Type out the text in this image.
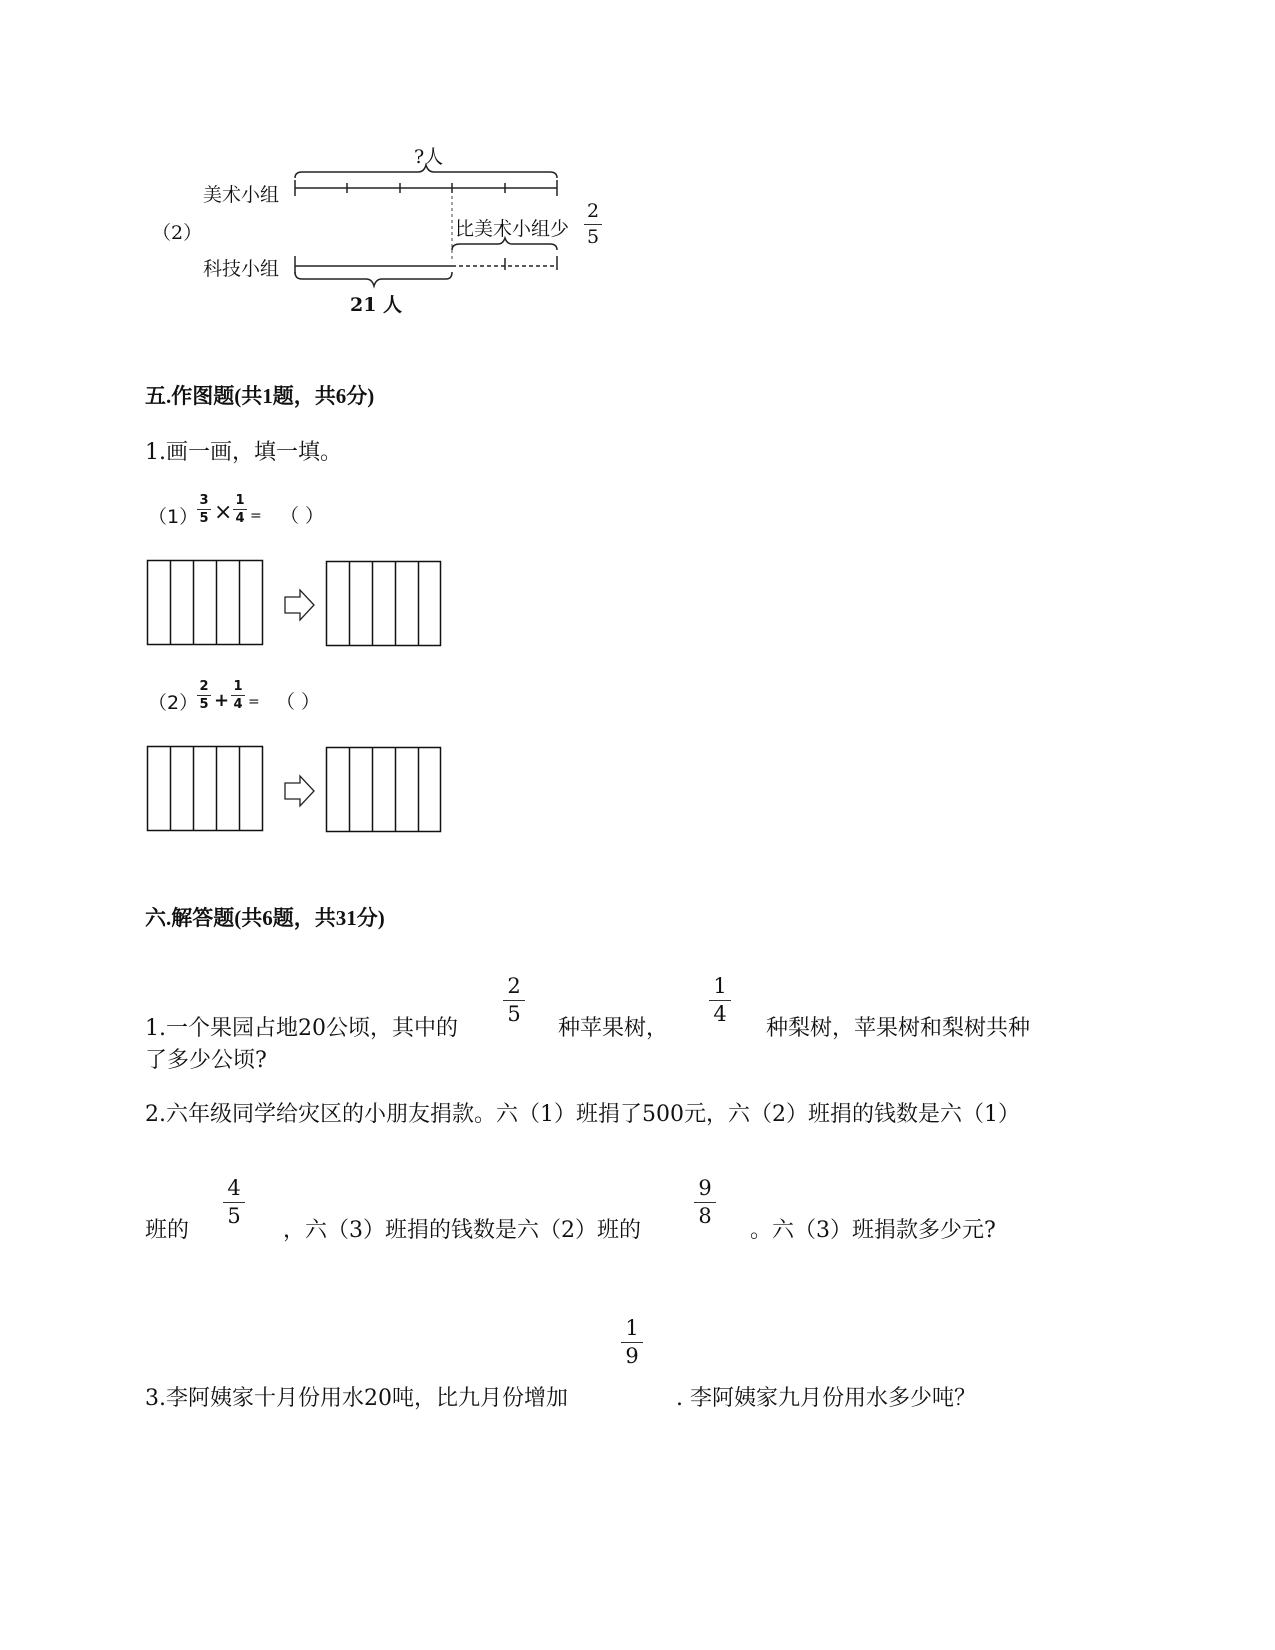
（2）
?人
美术小组
科技小组
比美术小组少
2
5
21 人
五.作图题(共1题，共6分)
1.画一画，填一填。
（1）
3
5 × 1
4 = （ ）
（2）
2
5 +
1
4 = （ ）
六.解答题(共6题，共31分)
1.一个果园占地20公顷，其中的
2
5
种苹果树，
1
4
种梨树，苹果树和梨树共种
了多少公顷?
2.六年级同学给灾区的小朋友捐款。六（1）班捐了500元，六（2）班捐的钱数是六（1）
班的
4
5
，六（3）班捐的钱数是六（2）班的
9
8
。六（3）班捐款多少元?
3.李阿姨家十月份用水20吨，比九月份增加
1
9
. 李阿姨家九月份用水多少吨？
